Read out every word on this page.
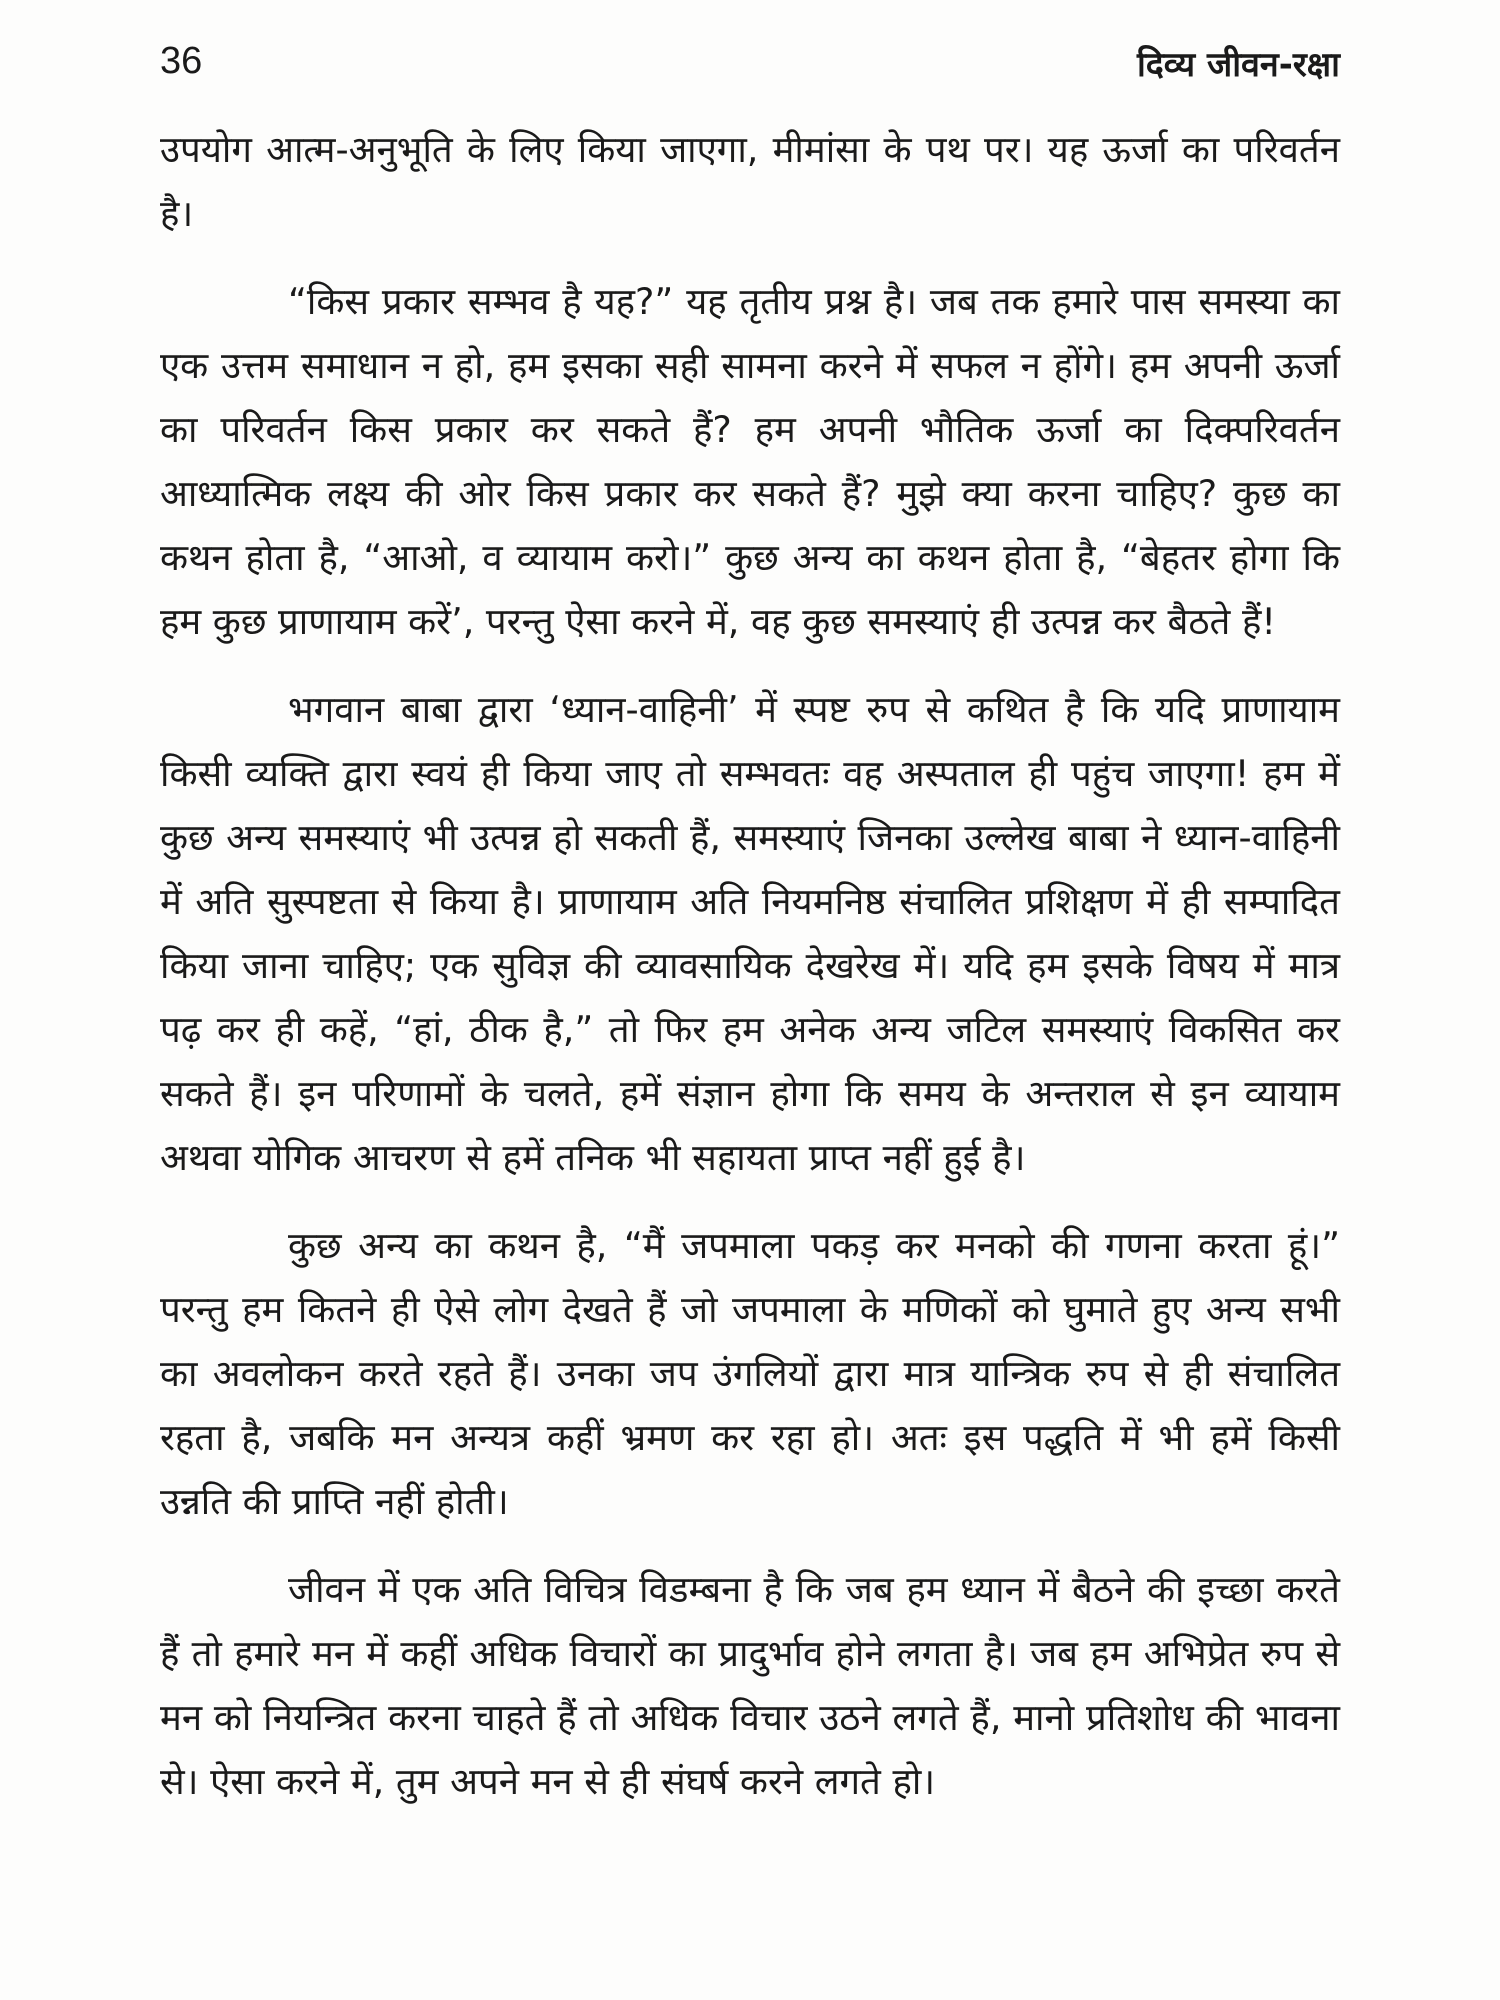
36	दिव्य जीवन-रक्षा

उपयोग आत्म-अनुभूति के लिए किया जाएगा, मीमांसा के पथ पर। यह ऊर्जा का परिवर्तन है।

“किस प्रकार सम्भव है यह?” यह तृतीय प्रश्न है। जब तक हमारे पास समस्या का एक उत्तम समाधान न हो, हम इसका सही सामना करने में सफल न होंगे। हम अपनी ऊर्जा का परिवर्तन किस प्रकार कर सकते हैं? हम अपनी भौतिक ऊर्जा का दिक्परिवर्तन आध्यात्मिक लक्ष्य की ओर किस प्रकार कर सकते हैं? मुझे क्या करना चाहिए? कुछ का कथन होता है, “आओ, व व्यायाम करो।” कुछ अन्य का कथन होता है, “बेहतर होगा कि हम कुछ प्राणायाम करें’, परन्तु ऐसा करने में, वह कुछ समस्याएं ही उत्पन्न कर बैठते हैं!

भगवान बाबा द्वारा ‘ध्यान-वाहिनी’ में स्पष्ट रुप से कथित है कि यदि प्राणायाम किसी व्यक्ति द्वारा स्वयं ही किया जाए तो सम्भवतः वह अस्पताल ही पहुंच जाएगा! हम में कुछ अन्य समस्याएं भी उत्पन्न हो सकती हैं, समस्याएं जिनका उल्लेख बाबा ने ध्यान-वाहिनी में अति सुस्पष्टता से किया है। प्राणायाम अति नियमनिष्ठ संचालित प्रशिक्षण में ही सम्पादित किया जाना चाहिए; एक सुविज्ञ की व्यावसायिक देखरेख में। यदि हम इसके विषय में मात्र पढ़ कर ही कहें, “हां, ठीक है,” तो फिर हम अनेक अन्य जटिल समस्याएं विकसित कर सकते हैं। इन परिणामों के चलते, हमें संज्ञान होगा कि समय के अन्तराल से इन व्यायाम अथवा योगिक आचरण से हमें तनिक भी सहायता प्राप्त नहीं हुई है।

कुछ अन्य का कथन है, “मैं जपमाला पकड़ कर मनको की गणना करता हूं।” परन्तु हम कितने ही ऐसे लोग देखते हैं जो जपमाला के मणिकों को घुमाते हुए अन्य सभी का अवलोकन करते रहते हैं। उनका जप उंगलियों द्वारा मात्र यान्त्रिक रुप से ही संचालित रहता है, जबकि मन अन्यत्र कहीं भ्रमण कर रहा हो। अतः इस पद्धति में भी हमें किसी उन्नति की प्राप्ति नहीं होती।

जीवन में एक अति विचित्र विडम्बना है कि जब हम ध्यान में बैठने की इच्छा करते हैं तो हमारे मन में कहीं अधिक विचारों का प्रादुर्भाव होने लगता है। जब हम अभिप्रेत रुप से मन को नियन्त्रित करना चाहते हैं तो अधिक विचार उठने लगते हैं, मानो प्रतिशोध की भावना से। ऐसा करने में, तुम अपने मन से ही संघर्ष करने लगते हो।
